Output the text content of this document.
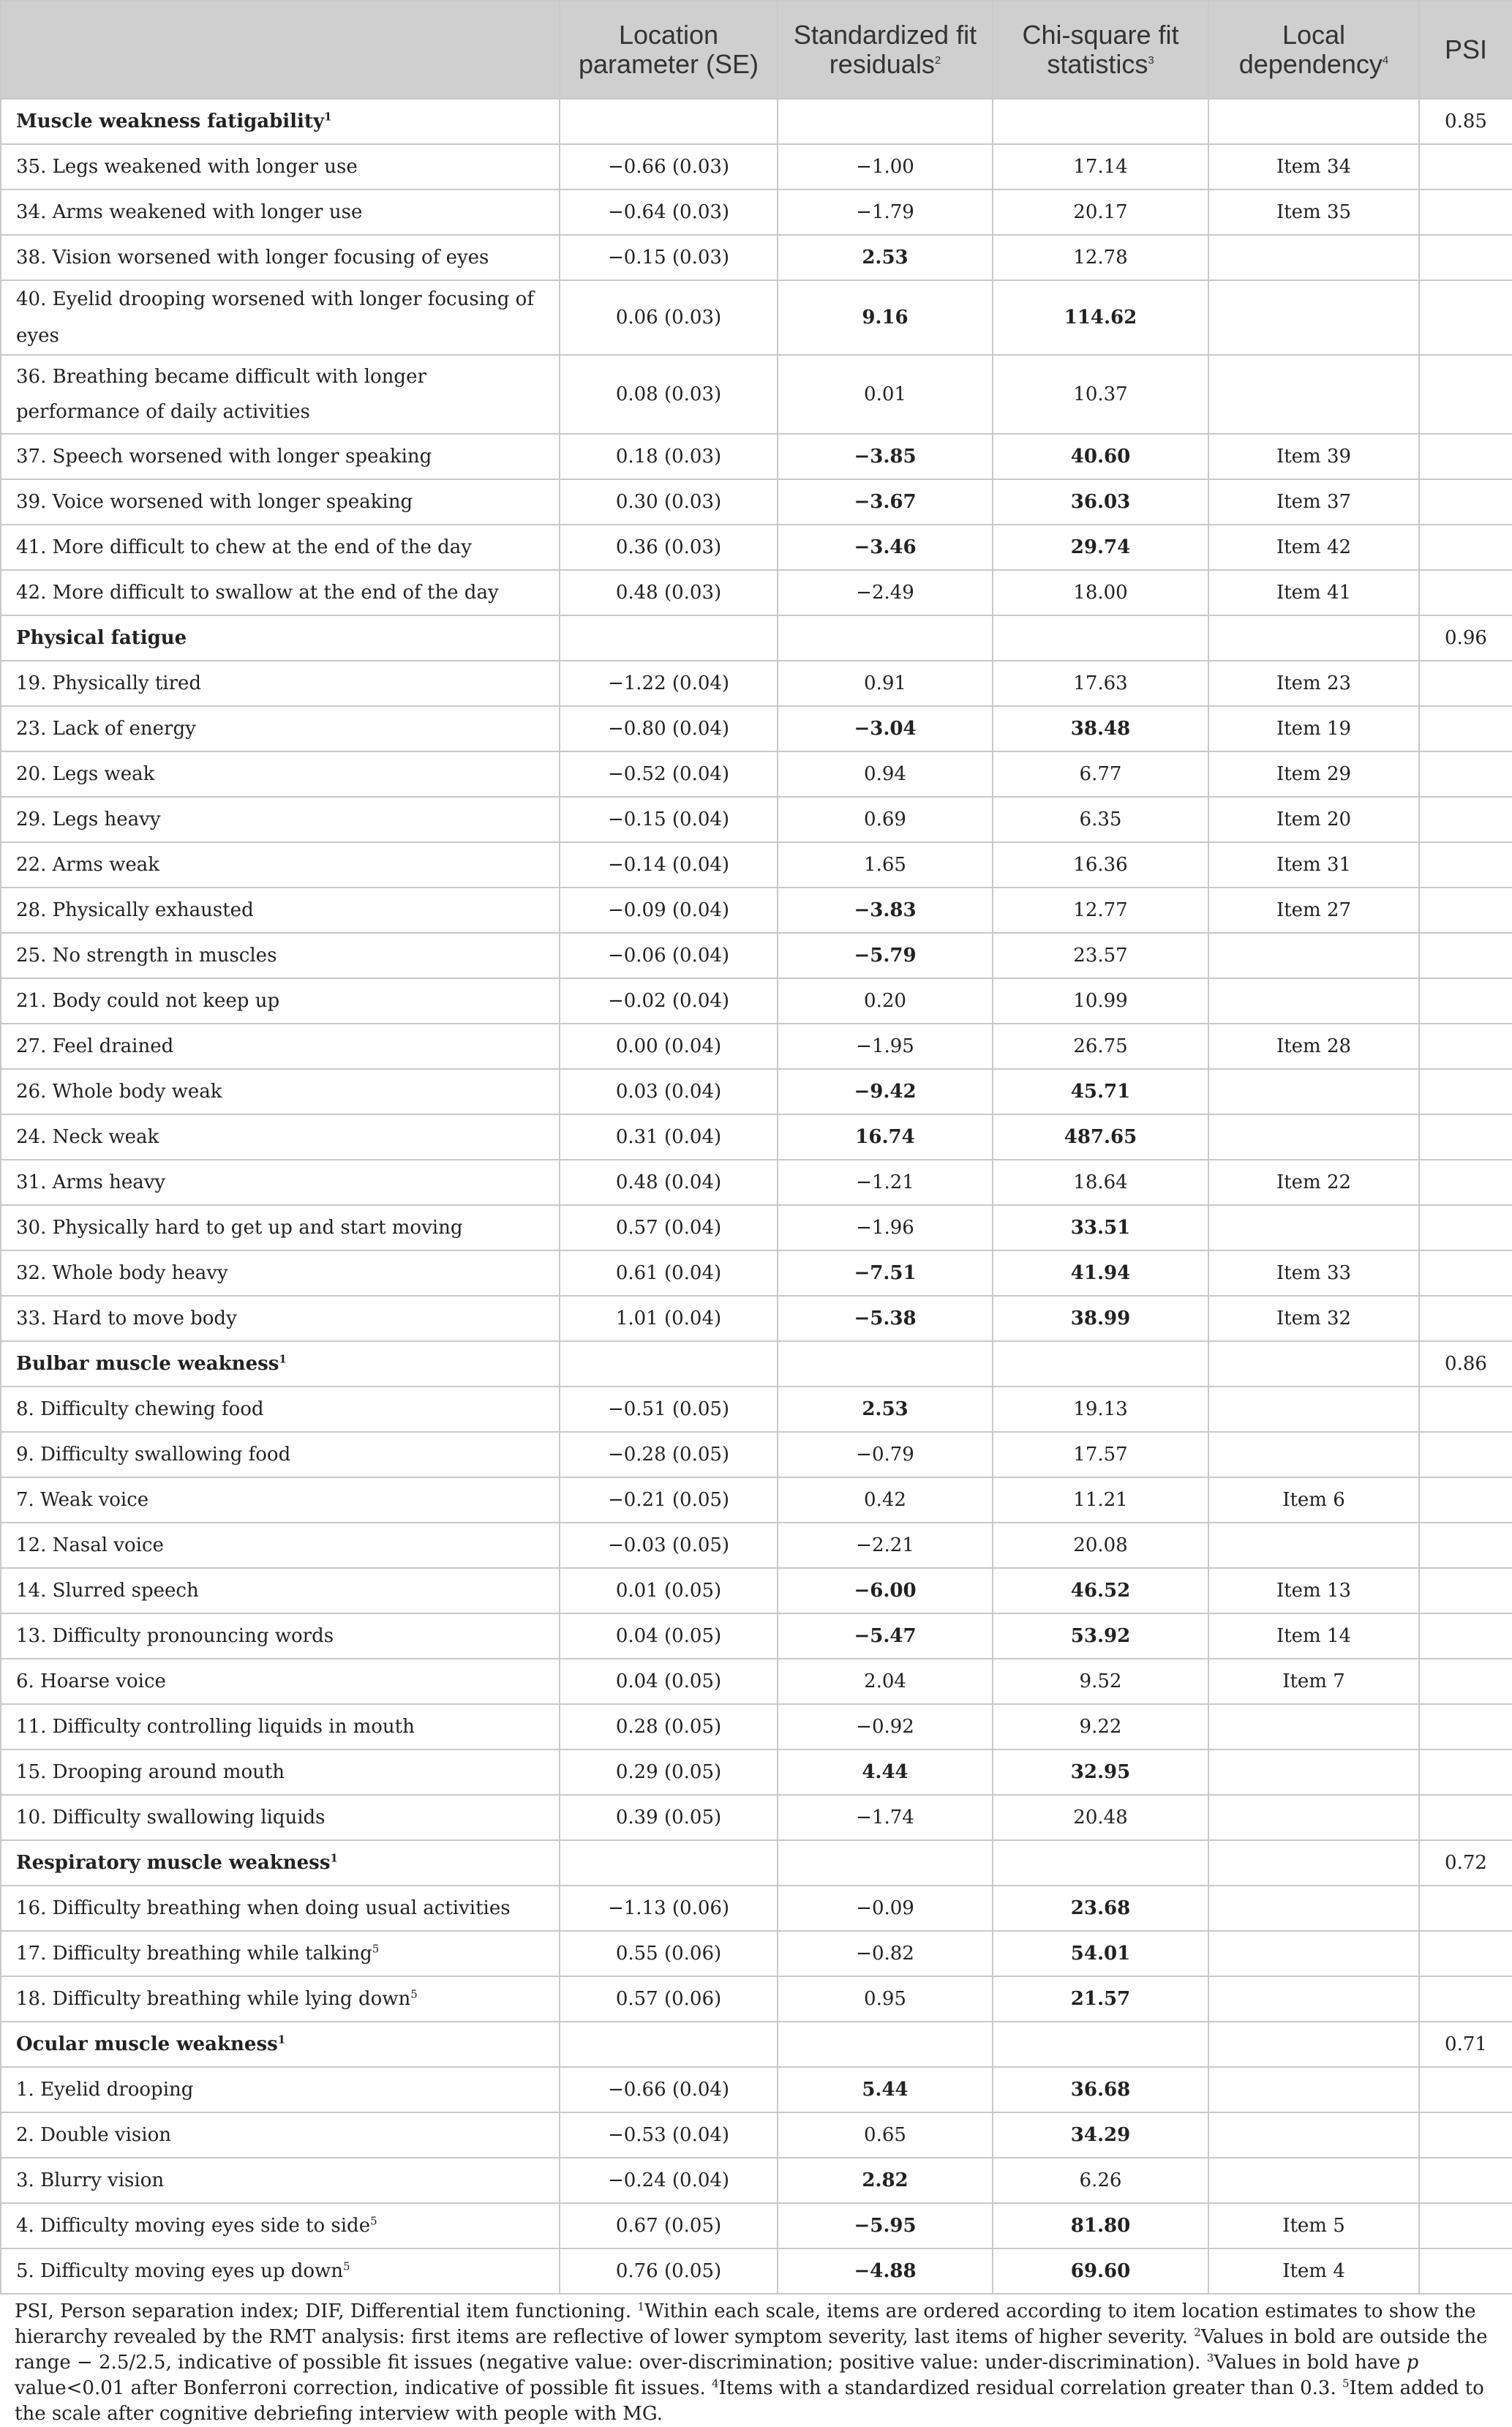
	Location parameter (SE)	Standardized fit residuals$^2$	Chi-square fit statistics$^3$	Local dependency$^4$	PSI
Muscle weakness fatigability$^1$					0.85
35. Legs weakened with longer use	−0.66 (0.03)	−1.00	17.14	Item 34	
34. Arms weakened with longer use	−0.64 (0.03)	−1.79	20.17	Item 35	
38. Vision worsened with longer focusing of eyes	−0.15 (0.03)	2.53	12.78		
40. Eyelid drooping worsened with longer focusing of eyes	0.06 (0.03)	9.16	114.62		
36. Breathing became difficult with longer performance of daily activities	0.08 (0.03)	0.01	10.37		
37. Speech worsened with longer speaking	0.18 (0.03)	−3.85	40.60	Item 39	
39. Voice worsened with longer speaking	0.30 (0.03)	−3.67	36.03	Item 37	
41. More difficult to chew at the end of the day	0.36 (0.03)	−3.46	29.74	Item 42	
42. More difficult to swallow at the end of the day	0.48 (0.03)	−2.49	18.00	Item 41	
Physical fatigue					0.96
19. Physically tired	−1.22 (0.04)	0.91	17.63	Item 23	
23. Lack of energy	−0.80 (0.04)	−3.04	38.48	Item 19	
20. Legs weak	−0.52 (0.04)	0.94	6.77	Item 29	
29. Legs heavy	−0.15 (0.04)	0.69	6.35	Item 20	
22. Arms weak	−0.14 (0.04)	1.65	16.36	Item 31	
28. Physically exhausted	−0.09 (0.04)	−3.83	12.77	Item 27	
25. No strength in muscles	−0.06 (0.04)	−5.79	23.57		
21. Body could not keep up	−0.02 (0.04)	0.20	10.99		
27. Feel drained	0.00 (0.04)	−1.95	26.75	Item 28	
26. Whole body weak	0.03 (0.04)	−9.42	45.71		
24. Neck weak	0.31 (0.04)	16.74	487.65		
31. Arms heavy	0.48 (0.04)	−1.21	18.64	Item 22	
30. Physically hard to get up and start moving	0.57 (0.04)	−1.96	33.51		
32. Whole body heavy	0.61 (0.04)	−7.51	41.94	Item 33	
33. Hard to move body	1.01 (0.04)	−5.38	38.99	Item 32	
Bulbar muscle weakness$^1$					0.86
8. Difficulty chewing food	−0.51 (0.05)	2.53	19.13		
9. Difficulty swallowing food	−0.28 (0.05)	−0.79	17.57		
7. Weak voice	−0.21 (0.05)	0.42	11.21	Item 6	
12. Nasal voice	−0.03 (0.05)	−2.21	20.08		
14. Slurred speech	0.01 (0.05)	−6.00	46.52	Item 13	
13. Difficulty pronouncing words	0.04 (0.05)	−5.47	53.92	Item 14	
6. Hoarse voice	0.04 (0.05)	2.04	9.52	Item 7	
11. Difficulty controlling liquids in mouth	0.28 (0.05)	−0.92	9.22		
15. Drooping around mouth	0.29 (0.05)	4.44	32.95		
10. Difficulty swallowing liquids	0.39 (0.05)	−1.74	20.48		
Respiratory muscle weakness$^1$					0.72
16. Difficulty breathing when doing usual activities	−1.13 (0.06)	−0.09	23.68		
17. Difficulty breathing while talking$^5$	0.55 (0.06)	−0.82	54.01		
18. Difficulty breathing while lying down$^5$	0.57 (0.06)	0.95	21.57		
Ocular muscle weakness$^1$					0.71
1. Eyelid drooping	−0.66 (0.04)	5.44	36.68		
2. Double vision	−0.53 (0.04)	0.65	34.29		
3. Blurry vision	−0.24 (0.04)	2.82	6.26		
4. Difficulty moving eyes side to side$^5$	0.67 (0.05)	−5.95	81.80	Item 5	
5. Difficulty moving eyes up down$^5$	0.76 (0.05)	−4.88	69.60	Item 4	
PSI, Person separation index; DIF, Differential item functioning. $^1$Within each scale, items are ordered according to item location estimates to show the hierarchy revealed by the RMT analysis: first items are reflective of lower symptom severity, last items of higher severity. $^2$Values in bold are outside the range − 2.5/2.5, indicative of possible fit issues (negative value: over-discrimination; positive value: under-discrimination). $^3$Values in bold have p value<0.01 after Bonferroni correction, indicative of possible fit issues. $^4$Items with a standardized residual correlation greater than 0.3. $^5$Item added to the scale after cognitive debriefing interview with people with MG.
